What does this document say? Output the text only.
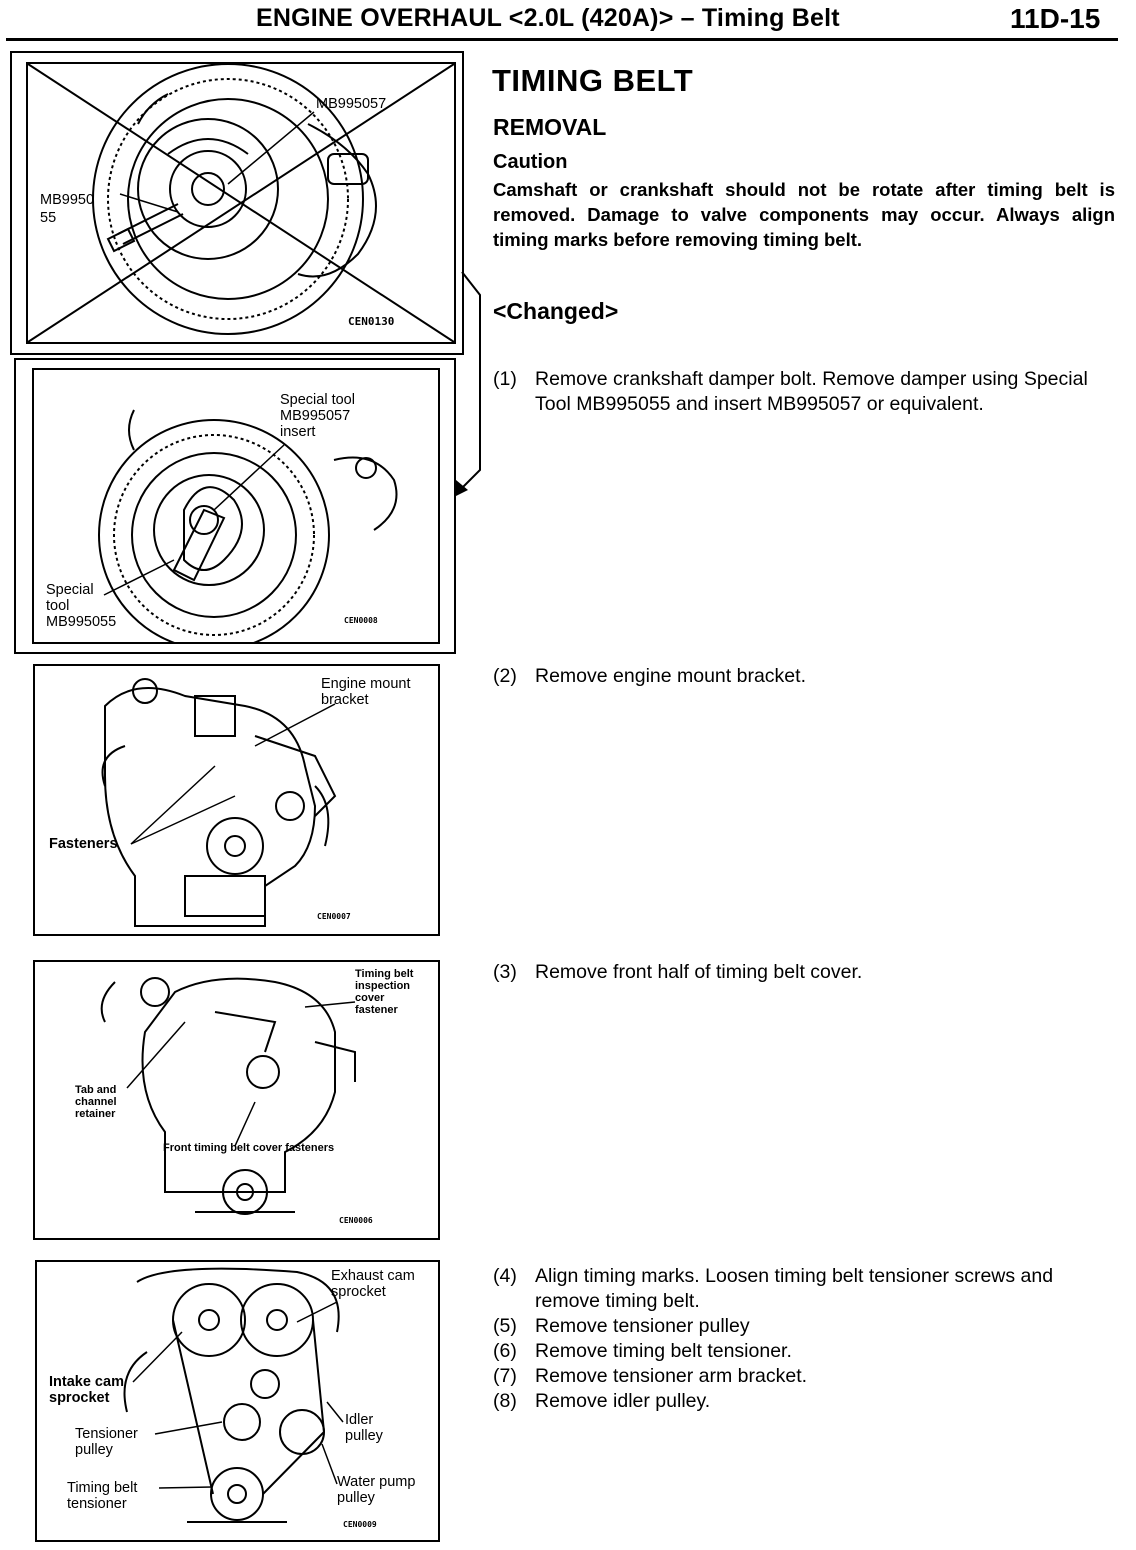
ENGINE OVERHAUL <2.0L (420A)> – Timing Belt	11D-15
TIMING BELT
REMOVAL
Caution
Camshaft or crankshaft should not be rotate after timing belt is removed. Damage to valve components may occur. Always align timing marks before removing timing belt.
<Changed>
(1) Remove crankshaft damper bolt. Remove damper using Special Tool MB995055 and insert MB995057 or equivalent.
(2) Remove engine mount bracket.
(3) Remove front half of timing belt cover.
(4) Align timing marks. Loosen timing belt tensioner screws and remove timing belt.
(5) Remove tensioner pulley
(6) Remove timing belt tensioner.
(7) Remove tensioner arm bracket.
(8) Remove idler pulley.
MB995057
MB9950
55
CEN0130
Special tool
MB995057
insert
Special
tool
MB995055	CEN0008
Engine mount
bracket
Fasteners
CEN0007
Timing belt
inspection
cover
fastener
Tab and
channel
retainer
Front timing belt cover fasteners
CEN0006
Exhaust cam
sprocket
Intake cam
sprocket
Tensioner
pulley
Idler
pulley
Timing belt
tensioner
Water pump
pulley
CEN0009
